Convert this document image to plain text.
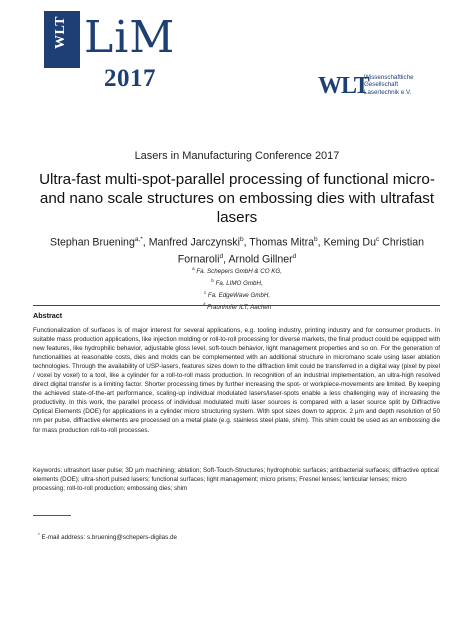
WLT LiM
2017	WLT
Wissenschaftliche
Gesellschaft
Lasertechnik e.V.
Lasers in Manufacturing Conference 2017
Ultra-fast multi-spot-parallel processing of functional micro- and nano scale structures on embossing dies with ultrafast lasers
Stephan Bruening$^{a,*}$, Manfred Jarczynski$^b$, Thomas Mitra$^b$, Keming Du$^c$ Christian Fornaroli$^d$, Arnold Gillner$^d$
$^a$ Fa. Schepers GmbH & CO KG,
$^b$ Fa. LIMO GmbH,
$^c$ Fa. EdgeWave GmbH,
$^d$ Fraunhofer ILT, Aachen
Abstract
Functionalization of surfaces is of major interest for several applications, e.g. tooling industry, printing industry and for consumer products. In suitable mass production applications, like injection molding or roll-to-roll processing for diverse markets, the final product could be equipped with new features, like hydrophilic behavior, adjustable gloss level, soft-touch behavior, light management properties and so on. For the generation of functionalities at reasonable costs, dies and molds can be complemented with an additional structure in micro/nano scale using laser ablation technologies. Through the availability of USP-lasers, features sizes down to the diffraction limit could be transferred in a digital way (pixel by pixel / voxel by voxel) to a tool, like a cylinder for a roll-to-roll mass production. In recognition of an industrial implementation, an ultra-high resolved direct digital transfer is a limiting factor. Shorter processing times by further increasing the spot- or workpiece-movements are limited. By keeping the achieved state-of-the-art performance, scaling-up individual modulated lasers/laser-spots enable a less challenging way of increasing the productivity. In this work, the parallel process of individual modulated multi laser sources is compared with a laser source split by Diffractive Optical Elements (DOE) for applications in a cylinder micro structuring system. With spot sizes down to approx. 2 µm and depth resolution of 50 nm per pulse, diffractive elements are processed on a metal plate (e.g. stainless steel plate, shim). This shim could be used as an embossing die for mass production roll-to-roll processes.
Keywords: ultrashort laser pulse; 3D µm machining; ablation; Soft-Touch-Structures; hydrophobic surfaces; antibacterial surfaces; diffractive optical elements (DOE); ultra-short pulsed lasers; functional surfaces; light management; micro prisms; Fresnel lenses; lenticular lenses; micro processing; roll-to-roll production; embossing dies; shim
* E-mail address: s.bruening@schepers-digilas.de
